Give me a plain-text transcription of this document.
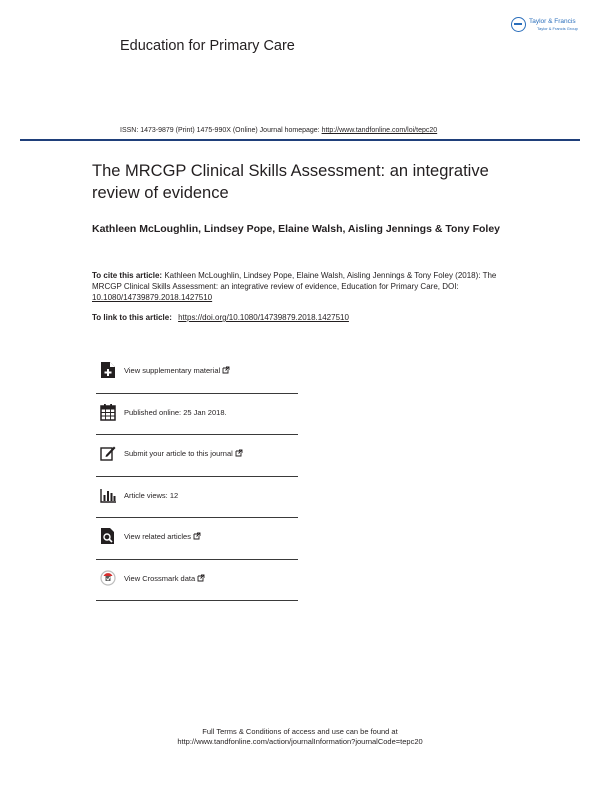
Education for Primary Care
Taylor & Francis
Taylor & Francis Group
ISSN: 1473-9879 (Print) 1475-990X (Online) Journal homepage: http://www.tandfonline.com/loi/tepc20
The MRCGP Clinical Skills Assessment: an integrative review of evidence
Kathleen McLoughlin, Lindsey Pope, Elaine Walsh, Aisling Jennings & Tony Foley
To cite this article: Kathleen McLoughlin, Lindsey Pope, Elaine Walsh, Aisling Jennings & Tony Foley (2018): The MRCGP Clinical Skills Assessment: an integrative review of evidence, Education for Primary Care, DOI: 10.1080/14739879.2018.1427510
To link to this article: https://doi.org/10.1080/14739879.2018.1427510
View supplementary material
Published online: 25 Jan 2018.
Submit your article to this journal
Article views: 12
View related articles
View Crossmark data
Full Terms & Conditions of access and use can be found at
http://www.tandfonline.com/action/journalInformation?journalCode=tepc20
